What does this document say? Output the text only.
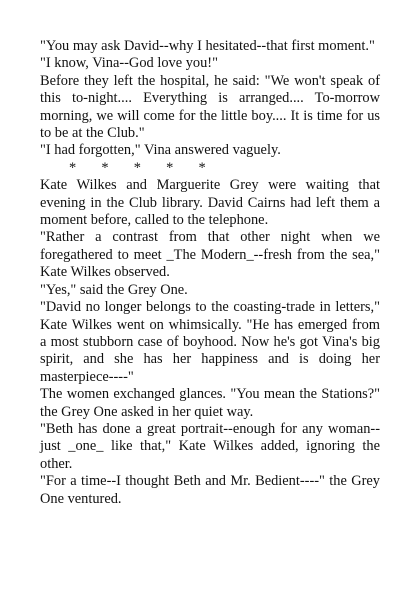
"You may ask David--why I hesitated--that first moment."

"I know, Vina--God love you!"

Before they left the hospital, he said: "We won't speak of this to-night.... Everything is arranged.... To-morrow morning, we will come for the little boy.... It is time for us to be at the Club."

"I had forgotten," Vina answered vaguely.

*       *       *       *       *

Kate Wilkes and Marguerite Grey were waiting that evening in the Club library. David Cairns had left them a moment before, called to the telephone.

"Rather a contrast from that other night when we foregathered to meet _The Modern_--fresh from the sea," Kate Wilkes observed.

"Yes," said the Grey One.

"David no longer belongs to the coasting-trade in letters," Kate Wilkes went on whimsically. "He has emerged from a most stubborn case of boyhood. Now he's got Vina's big spirit, and she has her happiness and is doing her masterpiece----"

The women exchanged glances. "You mean the Stations?" the Grey One asked in her quiet way.

"Beth has done a great portrait--enough for any woman--just _one_ like that," Kate Wilkes added, ignoring the other.

"For a time--I thought Beth and Mr. Bedient----" the Grey One ventured.
